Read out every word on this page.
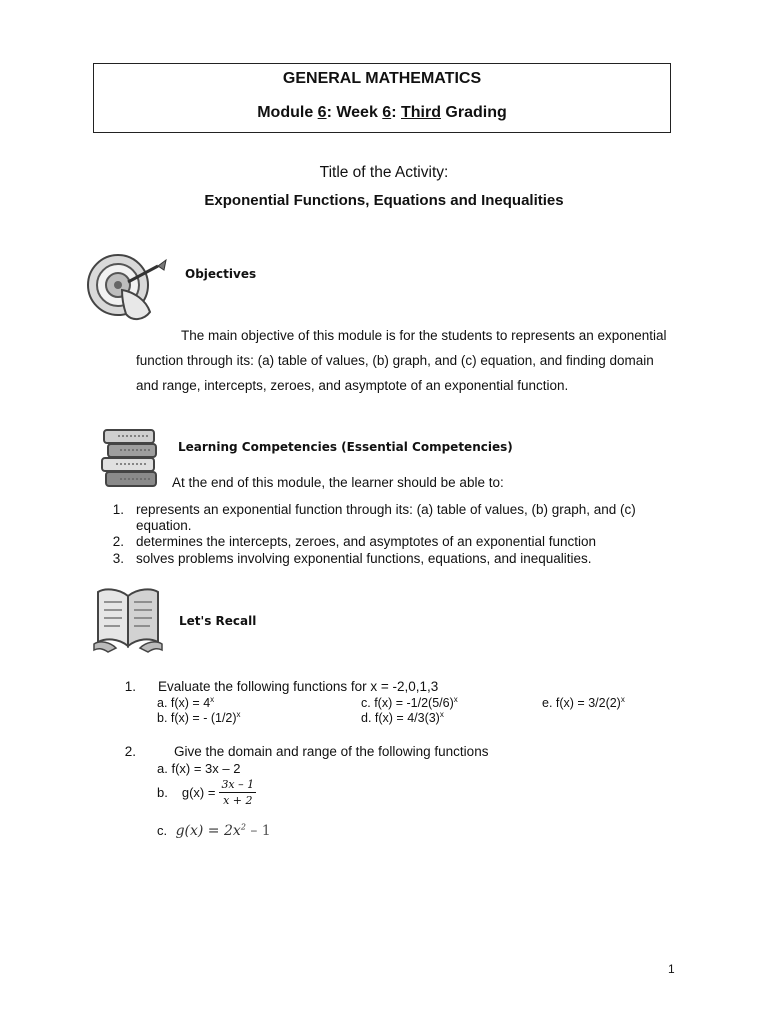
GENERAL MATHEMATICS
Module 6: Week 6: Third Grading
Title of the Activity:
Exponential Functions, Equations and Inequalities
Objectives
The main objective of this module is for the students to represents an exponential
function through its: (a) table of values, (b) graph, and (c) equation, and finding domain
and range, intercepts, zeroes, and asymptote of an exponential function.
Learning Competencies (Essential Competencies)
At the end of this module, the learner should be able to:
1. represents an exponential function through its: (a) table of values, (b) graph, and (c)
equation.
2. determines the intercepts, zeroes, and asymptotes of an exponential function
3. solves problems involving exponential functions, equations, and inequalities.
Let's Recall
1. Evaluate the following functions for x = -2,0,1,3
a. $f(x) = 4^x$
b. f(x) = - $(1/2)^x$
c. $f(x) = -1/2(5/6)^x$
d. $f(x) = 4/3(3)^x$
e. $f(x) = 3/2(2)^x$
2.	Give the domain and range of the following functions
a. f(x) = 3x – 2
b. $g(x) = \frac{3x - 1}{x + 2}$
c. $g(x) = 2x^2 - 1$
1
